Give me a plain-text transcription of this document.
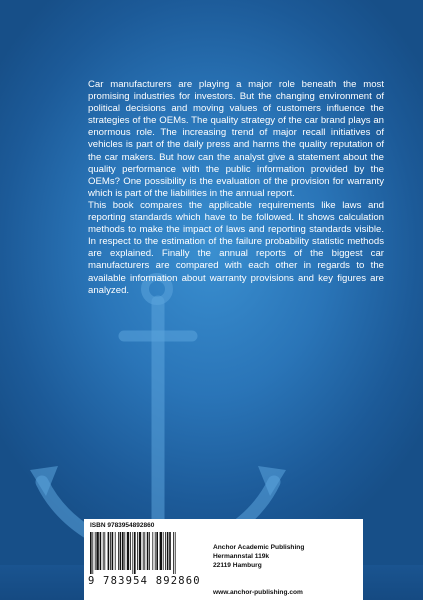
Car manufacturers are playing a major role beneath the most promising industries for investors. But the changing environment of political decisions and moving values of customers influence the strategies of the OEMs. The quality strategy of the car brand plays an enormous role. The increasing trend of major recall initiatives of vehicles is part of the daily press and harms the quality reputation of the car makers. But how can the analyst give a statement about the quality performance with the public information provided by the OEMs? One possibility is the evaluation of the provision for warranty which is part of the liabilities in the annual report.

This book compares the applicable requirements like laws and reporting standards which have to be followed. It shows calculation methods to make the impact of laws and reporting standards visible. In respect to the estimation of the failure probability statistic methods are explained. Finally the annual reports of the biggest car manufacturers are compared with each other in regards to the available information about warranty provisions and key figures are analyzed.

ISBN 9783954892860
9 783954 892860
Anchor Academic Publishing
Hermannstal 119k
22119 Hamburg
www.anchor-publishing.com
